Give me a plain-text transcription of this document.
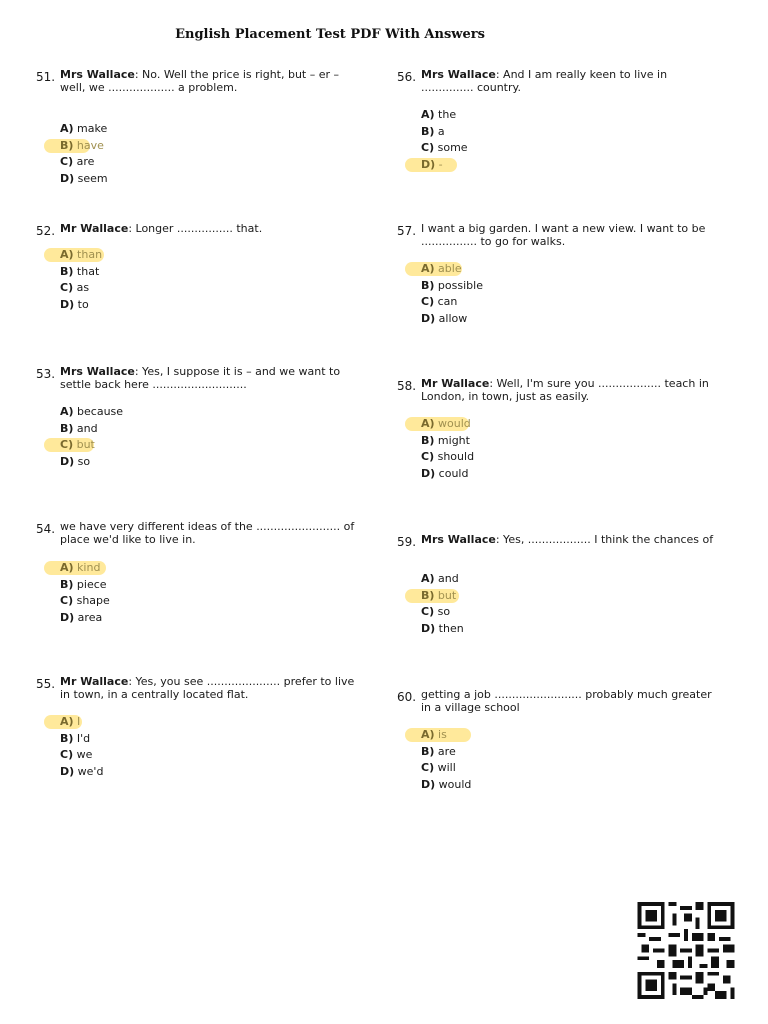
English Placement Test PDF With Answers
51. Mrs Wallace: No. Well the price is right, but – er – well, we ................... a problem.
A) make
B) have
C) are
D) seem
52. Mr Wallace: Longer ................ that.
A) than
B) that
C) as
D) to
53. Mrs Wallace: Yes, I suppose it is – and we want to settle back here ...........................
A) because
B) and
C) but
D) so
54. we have very different ideas of the ........................ of place we'd like to live in.
A) kind
B) piece
C) shape
D) area
55. Mr Wallace: Yes, you see ..................... prefer to live in town, in a centrally located flat.
A) I
B) I'd
C) we
D) we'd
56. Mrs Wallace: And I am really keen to live in ............... country.
A) the
B) a
C) some
D) -
57. I want a big garden. I want a new view. I want to be ................ to go for walks.
A) able
B) possible
C) can
D) allow
58. Mr Wallace: Well, I'm sure you .................. teach in London, in town, just as easily.
A) would
B) might
C) should
D) could
59. Mrs Wallace: Yes, .................. I think the chances of
A) and
B) but
C) so
D) then
60. getting a job ......................... probably much greater in a village school
A) is
B) are
C) will
D) would
